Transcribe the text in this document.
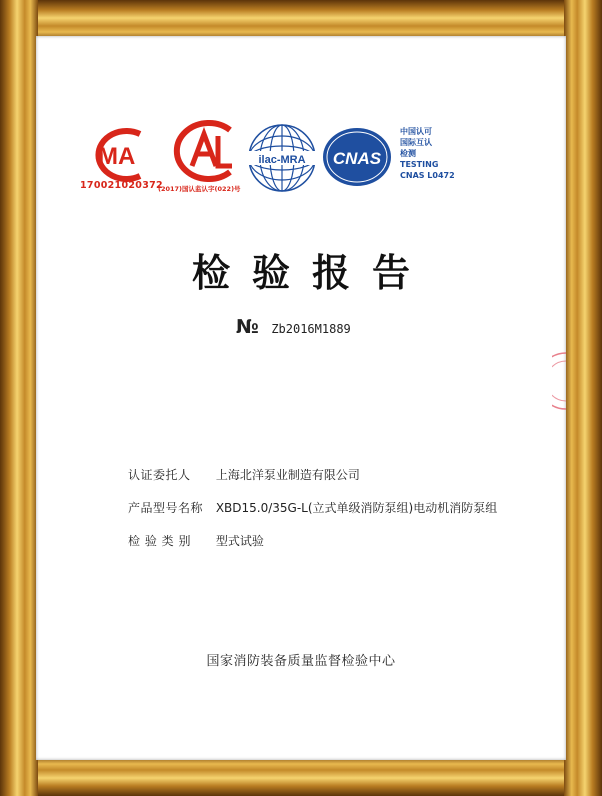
MA
170021020372
(2017)国认监认字(022)号
ilac-MRA CNAS
中国认可
国际互认
检测
TESTING
CNAS L0472
检验报告
№ Zb2016M1889
认证委托人 上海北洋泵业制造有限公司
产品型号名称 XBD15.0/35G-L(立式单级消防泵组)电动机消防泵组
检 验 类 别 型式试验
国家消防装备质量监督检验中心
